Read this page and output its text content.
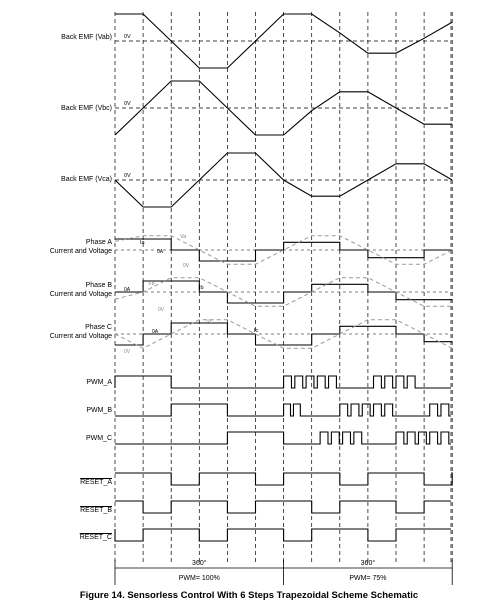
Back EMF (Vab)
Back EMF (Vbc)
Back EMF (Vca)
Phase A
Current and Voltage
Phase B
Current and Voltage
Phase C
Current and Voltage
PWM_A
PWM_B
PWM_C
RESET_A
RESET_B
RESET_C
0V
0V
0V
Ia
0A
Va
0V
0A
Vb
Ib
0V
0A
Vc
Ic
0V
360°	360°
PWM= 100%	PWM= 75%
Figure 14. Sensorless Control With 6 Steps Trapezoidal Scheme Schematic
